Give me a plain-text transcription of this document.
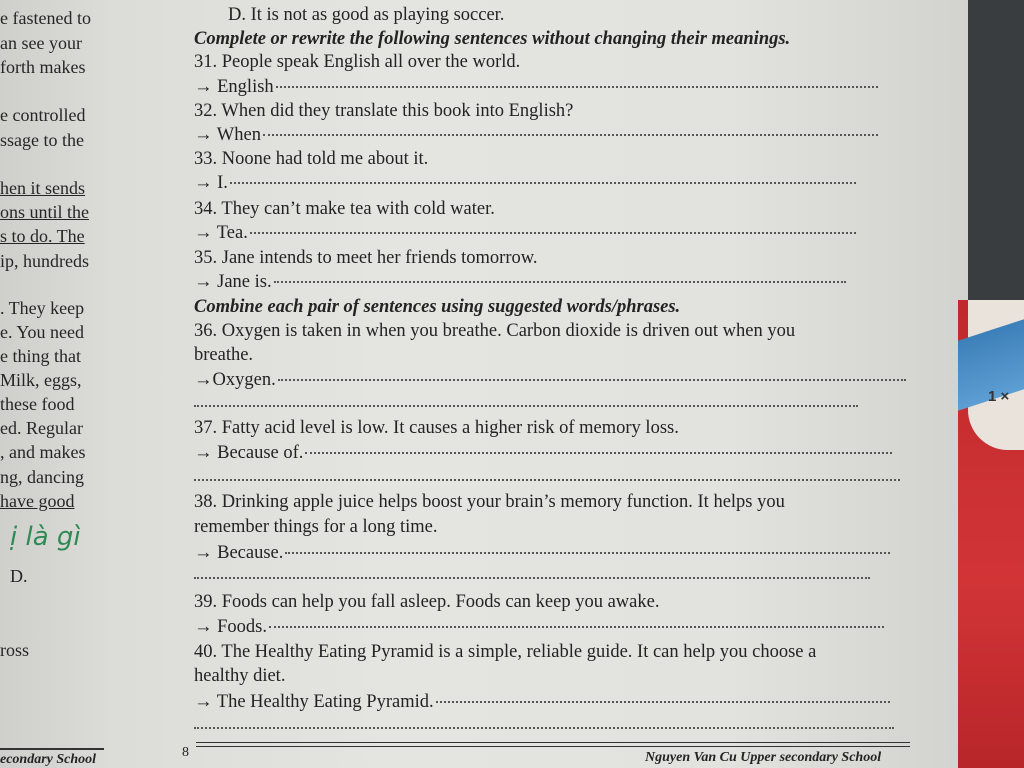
e fastened to
an see your
forth makes
e controlled
ssage to the
hen it sends
ons until the
s to do. The
ip, hundreds
. They keep
e. You need
e thing that
Milk, eggs,
these food
ed. Regular
, and makes
ng, dancing
have good
ị là gì
D.
ross
D. It is not as good as playing soccer.
Complete or rewrite the following sentences without changing their meanings.
31. People speak English all over the world.
→ English
32. When did they translate this book into English?
→ When
33. Noone had told me about it.
→ I.
34. They can’t make tea with cold water.
→ Tea.
35. Jane intends to meet her friends tomorrow.
→ Jane is.
Combine each pair of sentences using suggested words/phrases.
36. Oxygen is taken in when you breathe. Carbon dioxide is driven out when you
breathe.
→Oxygen.
37. Fatty acid level is low. It causes a higher risk of memory loss.
→ Because of.
38. Drinking apple juice helps boost your brain’s memory function. It helps you
remember things for a long time.
→ Because.
39. Foods can help you fall asleep. Foods can keep you awake.
→ Foods.
40. The Healthy Eating Pyramid is a simple, reliable guide. It can help you choose a
healthy diet.
→ The Healthy Eating Pyramid.
econdary School	8	Nguyen Van Cu Upper secondary School
1 ×
